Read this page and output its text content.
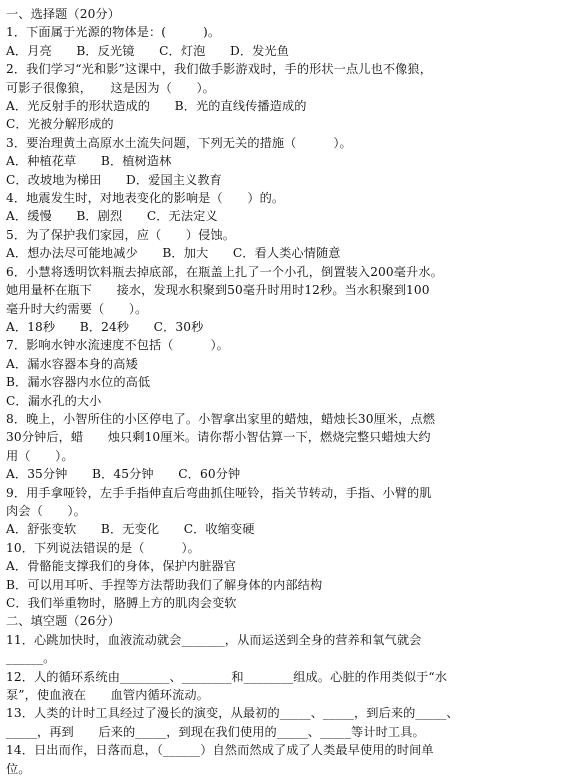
一、选择题（20分）
1．下面属于光源的物体是：(　　　)。
A．月亮　　B．反光镜　　C．灯泡　　D．发光鱼
2．我们学习“光和影”这课中，我们做手影游戏时，手的形状一点儿也不像狼，
可影子很像狼，　　这是因为（　　）。
A．光反射手的形状造成的　　B．光的直线传播造成的
C．光被分解形成的
3．要治理黄土高原水土流失问题，下列无关的措施（　　　）。
A．种植花草　　B．植树造林
C．改坡地为梯田　　D．爱国主义教育
4．地震发生时，对地表变化的影响是（　　）的。
A．缓慢　　B．剧烈　　C．无法定义
5．为了保护我们家园，应（　　）侵蚀。
A．想办法尽可能地减少　　B．加大　　C．看人类心情随意
6．小慧将透明饮料瓶去掉底部，在瓶盖上扎了一个小孔，倒置装入200毫升水。
她用量杯在瓶下　　接水，发现水积聚到50毫升时用时12秒。当水积聚到100
毫升时大约需要（　　）。
A．18秒　　B．24秒　　C．30秒
7．影响水钟水流速度不包括（　　　）。
A．漏水容器本身的高矮
B．漏水容器内水位的高低
C．漏水孔的大小
8．晚上，小智所住的小区停电了。小智拿出家里的蜡烛，蜡烛长30厘米，点燃
30分钟后，蜡　　烛只剩10厘米。请你帮小智估算一下，燃烧完整只蜡烛大约
用（　　）。
A．35分钟　　B．45分钟　　C．60分钟
9．用手拿哑铃，左手手指伸直后弯曲抓住哑铃，指关节转动，手指、小臂的肌
肉会（　　）。
A．舒张变软　　B．无变化　　C．收缩变硬
10．下列说法错误的是（　　　）。
A．骨骼能支撑我们的身体，保护内脏器官
B．可以用耳听、手捏等方法帮助我们了解身体的内部结构
C．我们举重物时，胳膊上方的肌肉会变软
二、填空题（26分）
11．心跳加快时，血液流动就会_______，从而运送到全身的营养和氧气就会
______。
12．人的循环系统由________、________和________组成。心脏的作用类似于“水
泵”，使血液在　　血管内循环流动。
13．人类的计时工具经过了漫长的演变，从最初的_____、_____，到后来的_____、
_____，再到　　后来的_____，到现在我们使用的_____、_____等计时工具。
14．日出而作，日落而息，（______）自然而然成了成了人类最早使用的时间单
位。
